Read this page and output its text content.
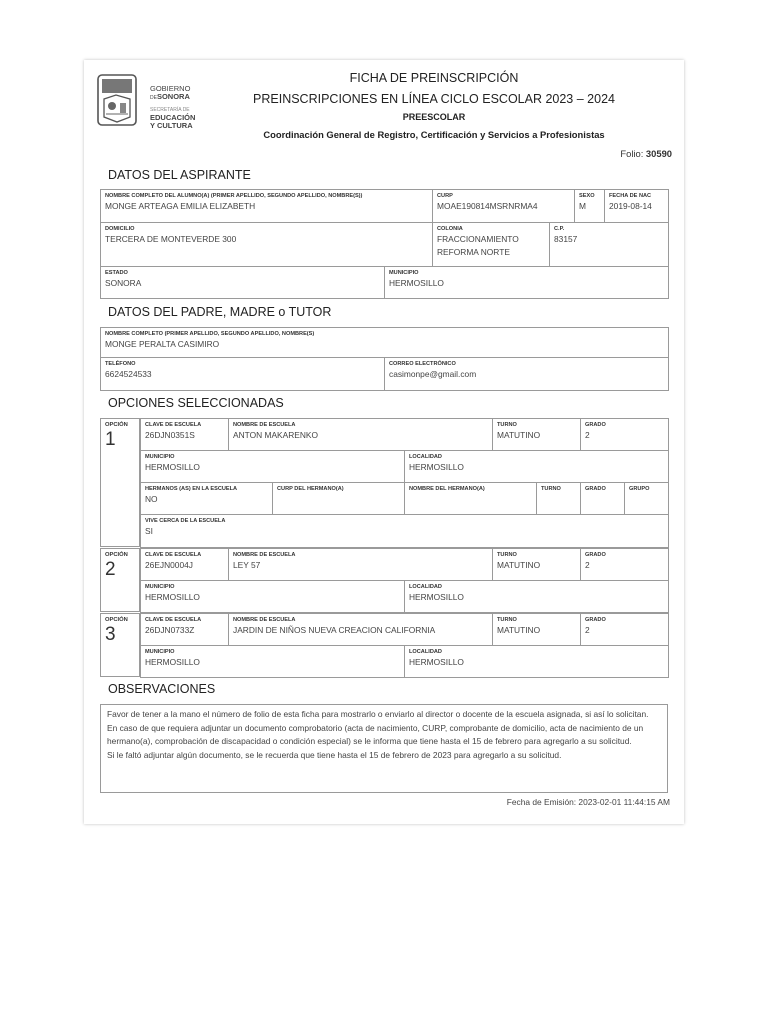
GOBIERNO
DESONORA
SECRETARÍA DE
EDUCACIÓN
Y CULTURA
FICHA DE PREINSCRIPCIÓN
PREINSCRIPCIONES EN LÍNEA CICLO ESCOLAR 2023 – 2024
PREESCOLAR
Coordinación General de Registro, Certificación y Servicios a Profesionistas
Folio: 30590
DATOS DEL ASPIRANTE
NOMBRE COMPLETO DEL ALUMNO(A) (PRIMER APELLIDO, SEGUNDO APELLIDO, NOMBRE(S))
MONGE ARTEAGA EMILIA ELIZABETH

CURP
MOAE190814MSRNRMA4

SEXO
M

FECHA DE NAC
2019-08-14
DOMICILIO
TERCERA DE MONTEVERDE 300

COLONIA
FRACCIONAMIENTO REFORMA NORTE

C.P.
83157
ESTADO
SONORA

MUNICIPIO
HERMOSILLO
DATOS DEL PADRE, MADRE o TUTOR
NOMBRE COMPLETO (PRIMER APELLIDO, SEGUNDO APELLIDO, NOMBRE(S)
MONGE PERALTA CASIMIRO
TELÉFONO
6624524533

CORREO ELECTRÓNICO
casimonpe@gmail.com
OPCIONES SELECCIONADAS
OPCIÓN
1
CLAVE DE ESCUELA
26DJN0351S

NOMBRE DE ESCUELA
ANTON MAKARENKO

TURNO
MATUTINO

GRADO
2
MUNICIPIO
HERMOSILLO

LOCALIDAD
HERMOSILLO
HERMANOS (AS) EN LA ESCUELA
NO

CURP DEL HERMANO(A)	NOMBRE DEL HERMANO(A)	TURNO	GRADO	GRUPO
VIVE CERCA DE LA ESCUELA
SI
OPCIÓN
2
CLAVE DE ESCUELA
26EJN0004J

NOMBRE DE ESCUELA
LEY 57

TURNO
MATUTINO

GRADO
2
MUNICIPIO
HERMOSILLO

LOCALIDAD
HERMOSILLO
OPCIÓN
3
CLAVE DE ESCUELA
26DJN0733Z

NOMBRE DE ESCUELA
JARDIN DE NIÑOS NUEVA CREACION CALIFORNIA

TURNO
MATUTINO

GRADO
2
MUNICIPIO
HERMOSILLO

LOCALIDAD
HERMOSILLO
OBSERVACIONES
Favor de tener a la mano el número de folio de esta ficha para mostrarlo o enviarlo al director o docente de la escuela asignada, si así lo solicitan.
En caso de que requiera adjuntar un documento comprobatorio (acta de nacimiento, CURP, comprobante de domicilio, acta de nacimiento de un hermano(a), comprobación de discapacidad o condición especial) se le informa que tiene hasta el 15 de febrero para agregarlo a su solicitud.
Si le faltó adjuntar algún documento, se le recuerda que tiene hasta el 15 de febrero de 2023 para agregarlo a su solicitud.
Fecha de Emisión: 2023-02-01 11:44:15 AM
